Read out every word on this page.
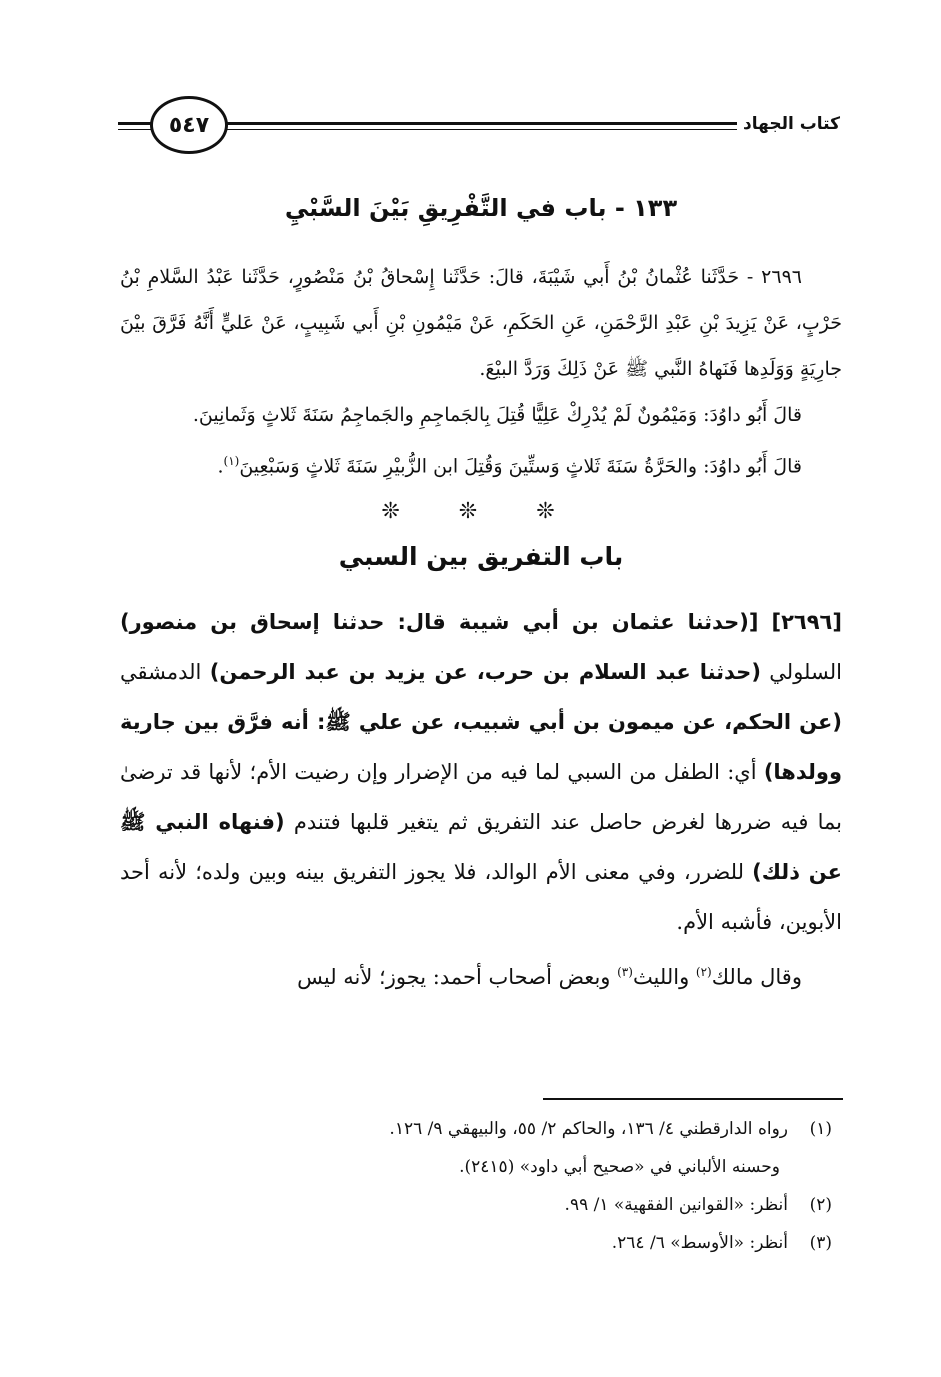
كتاب الجهاد
٥٤٧
١٣٣ - باب في التَّفْرِيقِ بَيْنَ السَّبْيِ

٢٦٩٦ - حَدَّثَنا عُثْمانُ بْنُ أَبي شَيْبَةَ، قالَ: حَدَّثَنا إِسْحاقُ بْنُ مَنْصُورٍ، حَدَّثَنا عَبْدُ السَّلامِ بْنُ حَرْبٍ، عَنْ يَزِيدَ بْنِ عَبْدِ الرَّحْمَنِ، عَنِ الحَكَمِ، عَنْ مَيْمُونِ بْنِ أَبي شَبِيبٍ، عَنْ عَليٍّ أَنَّهُ فَرَّقَ بيْنَ جارِيَةٍ وَوَلَدِها فَنَهاهُ النَّبي ﷺ عَنْ ذَلِكَ وَرَدَّ البيْعَ.

قالَ أَبُو داوُدَ: وَمَيْمُونٌ لَمْ يُدْرِكْ عَلِيًّا قُتِلَ بِالجَماجِمِ والجَماجِمُ سَنَةَ ثَلاثٍ وَثَمانِينَ.

قالَ أَبُو داوُدَ: والحَرَّةُ سَنَةَ ثَلاثٍ وَستِّينَ وَقُتِلَ ابن الزُّبيْرِ سَنَةَ ثَلاثٍ وَسَبْعِينَ$^{(١)}$.

❊ ❊ ❊
باب التفريق بين السبي

[٢٦٩٦] [(حدثنا عثمان بن أبي شيبة قال: حدثنا إسحاق بن منصور) السلولي (حدثنا عبد السلام بن حرب، عن يزيد بن عبد الرحمن) الدمشقي (عن الحكم، عن ميمون بن أبي شبيب، عن علي ﷺ: أنه فرَّق بين جارية وولدها) أي: الطفل من السبي لما فيه من الإضرار وإن رضيت الأم؛ لأنها قد ترضىٰ بما فيه ضررها لغرض حاصل عند التفريق ثم يتغير قلبها فتندم (فنهاه النبي ﷺ عن ذلك) للضرر، وفي معنى الأم الوالد، فلا يجوز التفريق بينه وبين ولده؛ لأنه أحد الأبوين، فأشبه الأم.

وقال مالك$^{(٢)}$ والليث$^{(٣)}$ وبعض أصحاب أحمد: يجوز؛ لأنه ليس

(١)رواه الدارقطني ٤/ ١٣٦، والحاكم ٢/ ٥٥، والبيهقي ٩/ ١٢٦.

وحسنه الألباني في «صحيح أبي داود» (٢٤١٥).

(٢)أنظر: «القوانين الفقهية» ١/ ٩٩.

(٣)أنظر: «الأوسط» ٦/ ٢٦٤.
